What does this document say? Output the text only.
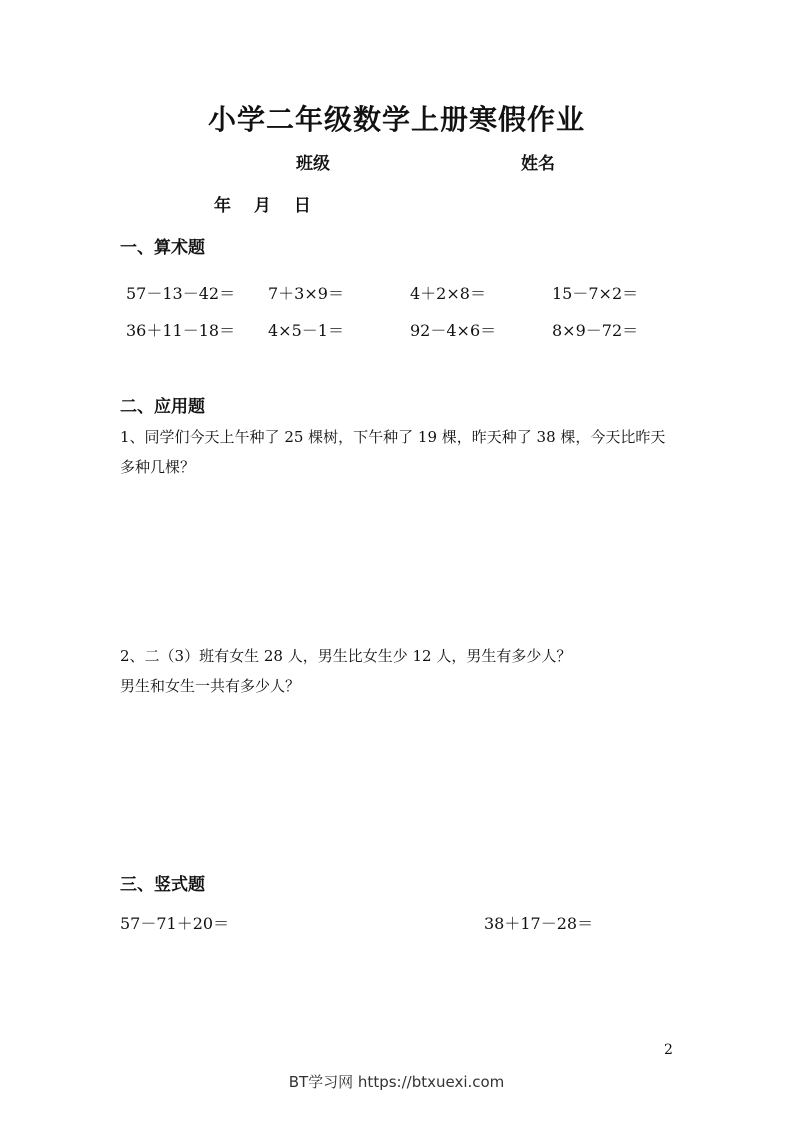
小学二年级数学上册寒假作业
班级	姓名
年　 月　 日
一、算术题
57－13－42＝ 7＋3×9＝	4＋2×8＝	15－7×2＝
36＋11－18＝ 4×5－1＝	92－4×6＝	8×9－72＝
二、应用题
1、同学们今天上午种了 25 棵树，下午种了 19 棵，昨天种了 38 棵，今天比昨天
多种几棵？
2、二（3）班有女生 28 人，男生比女生少 12 人，男生有多少人？
男生和女生一共有多少人？
三、竖式题
57－71＋20＝	38＋17－28＝
2
BT学习网 https://btxuexi.com
